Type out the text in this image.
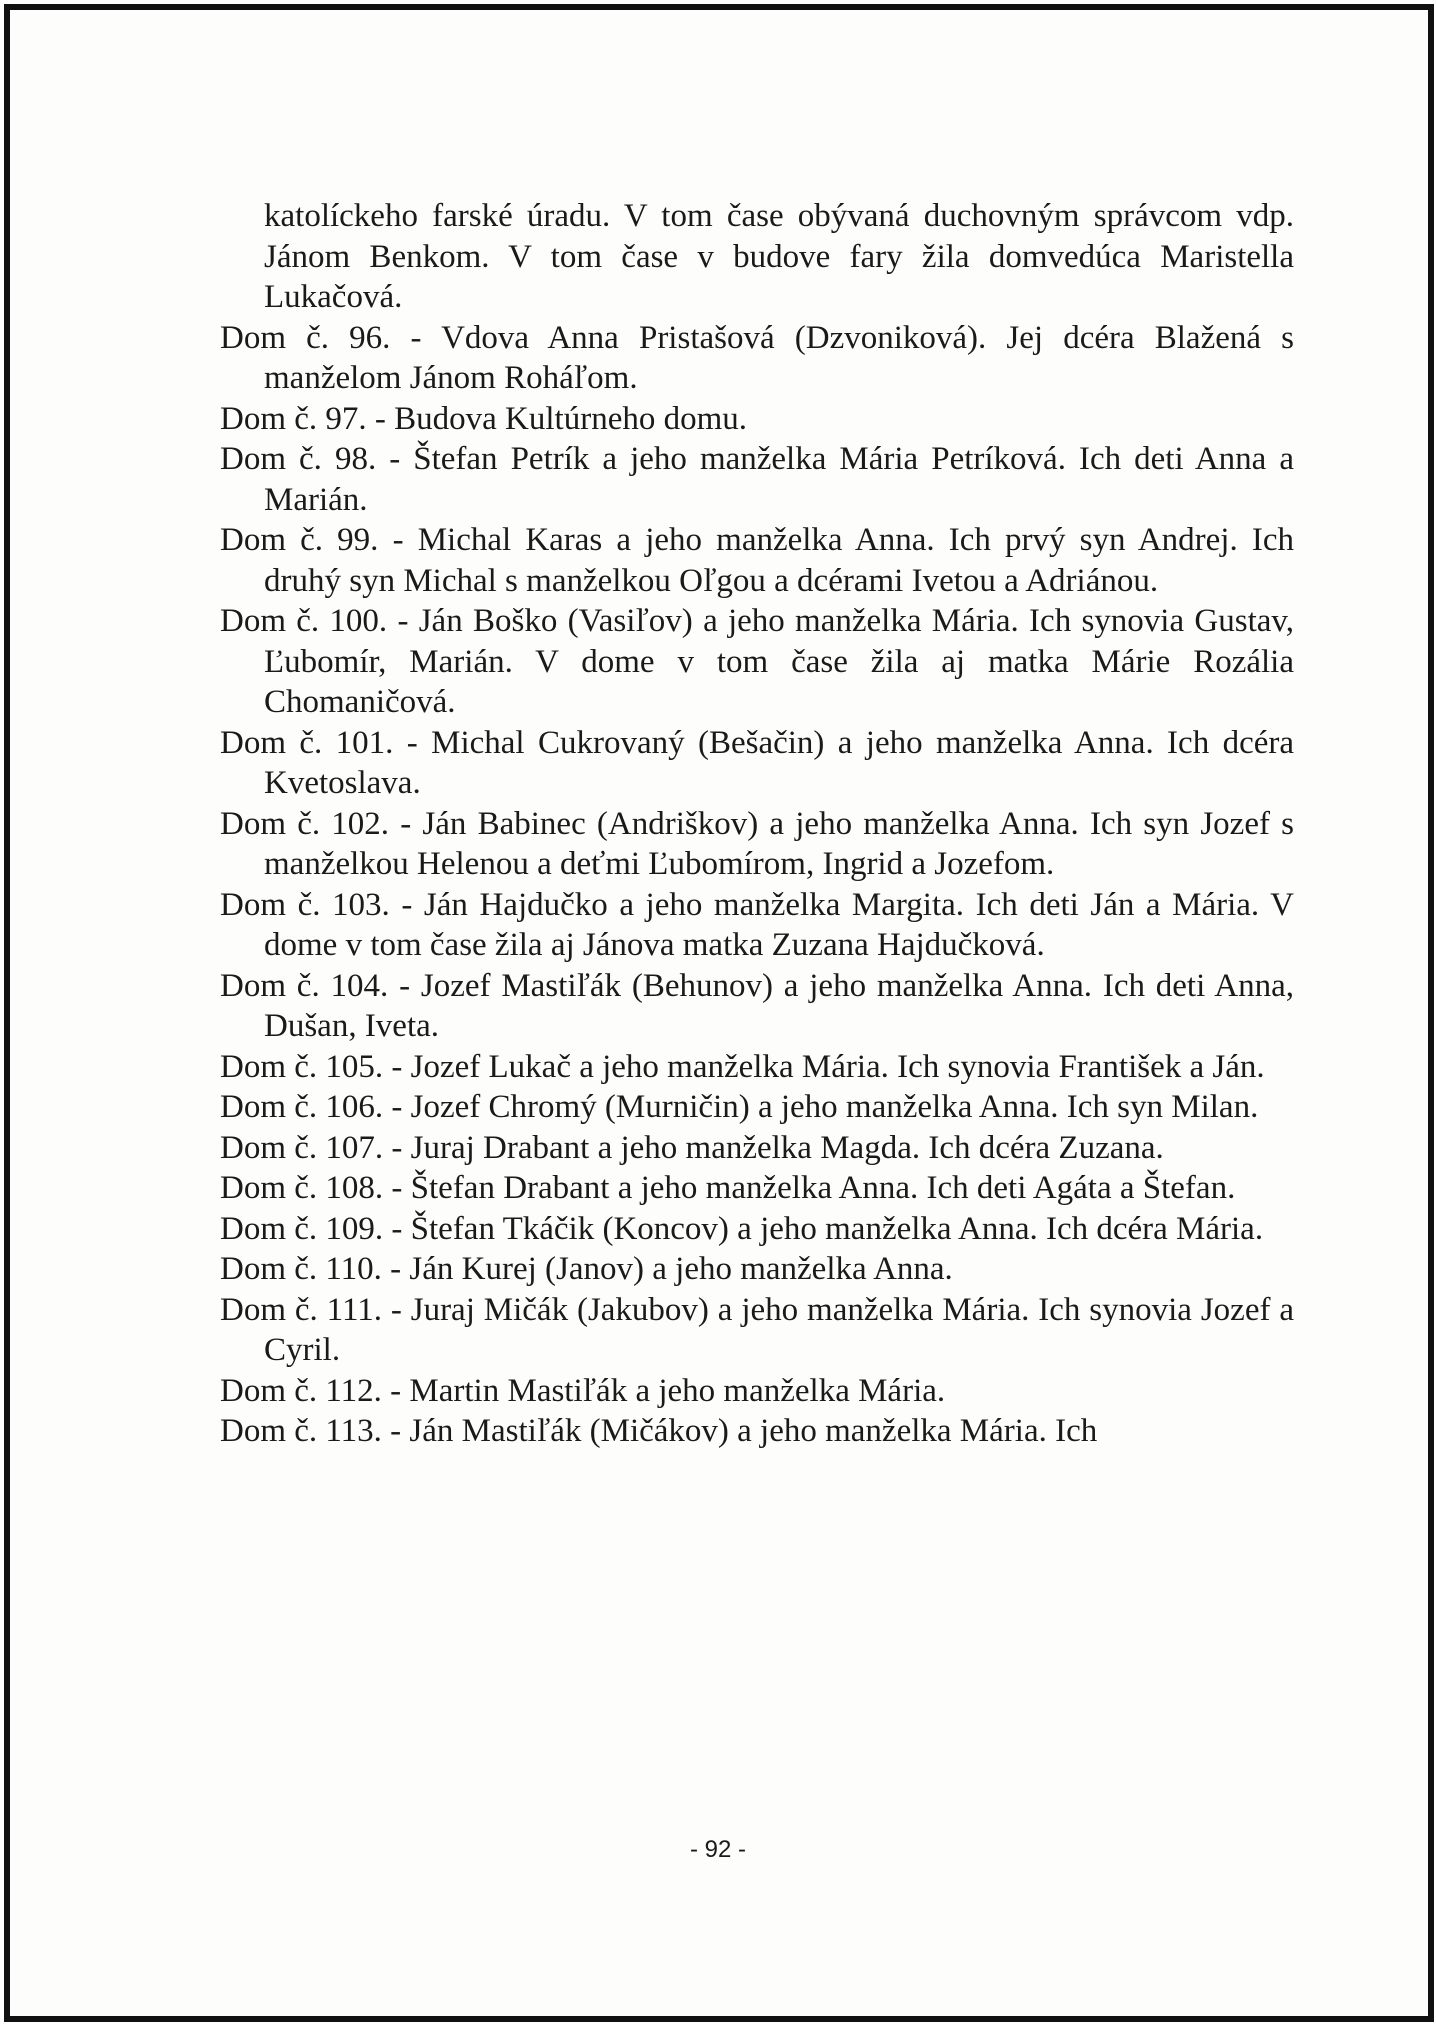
katolíckeho farské úradu. V tom čase obývaná duchovným správcom vdp. Jánom Benkom. V tom čase v budove fary žila domvedúca Maristella Lukačová.

Dom č. 96. - Vdova Anna Pristašová (Dzvoniková). Jej dcéra Blažená s manželom Jánom Roháľom.

Dom č. 97. - Budova Kultúrneho domu.

Dom č. 98. - Štefan Petrík a jeho manželka Mária Petríková. Ich deti Anna a Marián.

Dom č. 99. - Michal Karas a jeho manželka Anna. Ich prvý syn Andrej. Ich druhý syn Michal s manželkou Oľgou a dcérami Ivetou a Adriánou.

Dom č. 100. - Ján Boško (Vasiľov) a jeho manželka Mária. Ich synovia Gustav, Ľubomír, Marián. V dome v tom čase žila aj matka Márie Rozália Chomaničová.

Dom č. 101. - Michal Cukrovaný (Bešačin) a jeho manželka Anna. Ich dcéra Kvetoslava.

Dom č. 102. - Ján Babinec (Andriškov) a jeho manželka Anna. Ich syn Jozef s manželkou Helenou a deťmi Ľubomírom, Ingrid a Jozefom.

Dom č. 103. - Ján Hajdučko a jeho manželka Margita. Ich deti Ján a Mária. V dome v tom čase žila aj Jánova matka Zuzana Hajdučková.

Dom č. 104. - Jozef Mastiľák (Behunov) a jeho manželka Anna. Ich deti Anna, Dušan, Iveta.

Dom č. 105. - Jozef Lukač a jeho manželka Mária. Ich synovia František a Ján.

Dom č. 106. - Jozef Chromý (Murničin) a jeho manželka Anna. Ich syn Milan.

Dom č. 107. - Juraj Drabant a jeho manželka Magda. Ich dcéra Zuzana.

Dom č. 108. - Štefan Drabant a jeho manželka Anna. Ich deti Agáta a Štefan.

Dom č. 109. - Štefan Tkáčik (Koncov) a jeho manželka Anna. Ich dcéra Mária.

Dom č. 110. - Ján Kurej (Janov) a jeho manželka Anna.

Dom č. 111. - Juraj Mičák (Jakubov) a jeho manželka Mária. Ich synovia Jozef a Cyril.

Dom č. 112. - Martin Mastiľák a jeho manželka Mária.

Dom č. 113. - Ján Mastiľák (Mičákov) a jeho manželka Mária. Ich

- 92 -
